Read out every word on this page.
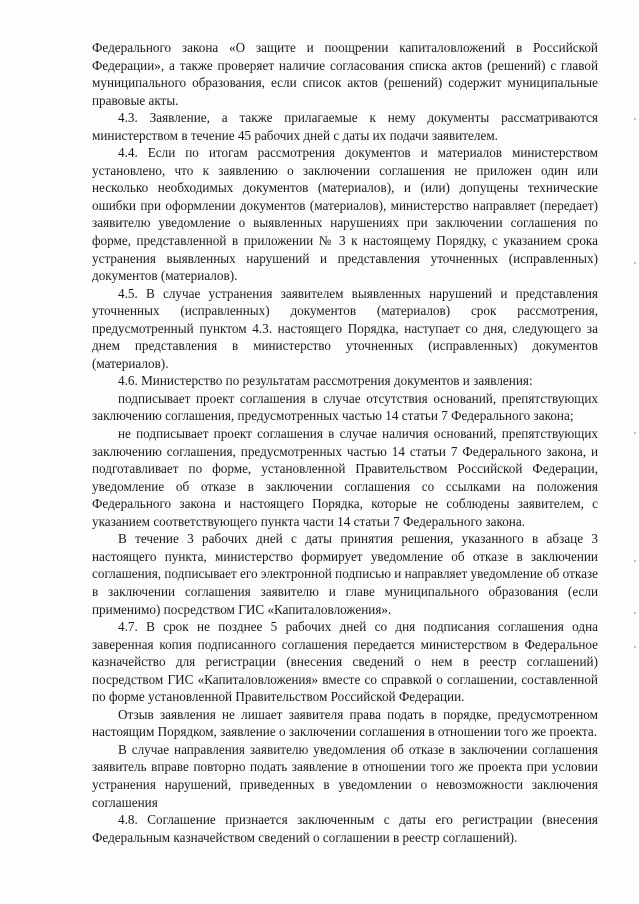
Федерального закона «О защите и поощрении капиталовложений в Российской Федерации», а также проверяет наличие согласования списка актов (решений) с главой муниципального образования, если список актов (решений) содержит муниципальные правовые акты.

4.3. Заявление, а также прилагаемые к нему документы рассматриваются министерством в течение 45 рабочих дней с даты их подачи заявителем.

4.4. Если по итогам рассмотрения документов и материалов министерством установлено, что к заявлению о заключении соглашения не приложен один или несколько необходимых документов (материалов), и (или) допущены технические ошибки при оформлении документов (материалов), министерство направляет (передает) заявителю уведомление о выявленных нарушениях при заключении соглашения по форме, представленной в приложении № 3 к настоящему Порядку, с указанием срока устранения выявленных нарушений и представления уточненных (исправленных) документов (материалов).

4.5. В случае устранения заявителем выявленных нарушений и представления уточненных (исправленных) документов (материалов) срок рассмотрения, предусмотренный пунктом 4.3. настоящего Порядка, наступает со дня, следующего за днем представления в министерство уточненных (исправленных) документов (материалов).

4.6. Министерство по результатам рассмотрения документов и заявления:

подписывает проект соглашения в случае отсутствия оснований, препятствующих заключению соглашения, предусмотренных частью 14 статьи 7 Федерального закона;

не подписывает проект соглашения в случае наличия оснований, препятствующих заключению соглашения, предусмотренных частью 14 статьи 7 Федерального закона, и подготавливает по форме, установленной Правительством Российской Федерации, уведомление об отказе в заключении соглашения со ссылками на положения Федерального закона и настоящего Порядка, которые не соблюдены заявителем, с указанием соответствующего пункта части 14 статьи 7 Федерального закона.

В течение 3 рабочих дней с даты принятия решения, указанного в абзаце 3 настоящего пункта, министерство формирует уведомление об отказе в заключении соглашения, подписывает его электронной подписью и направляет уведомление об отказе в заключении соглашения заявителю и главе муниципального образования (если применимо) посредством ГИС «Капиталовложения».

4.7. В срок не позднее 5 рабочих дней со дня подписания соглашения одна заверенная копия подписанного соглашения передается министерством в Федеральное казначейство для регистрации (внесения сведений о нем в реестр соглашений) посредством ГИС «Капиталовложения» вместе со справкой о соглашении, составленной по форме установленной Правительством Российской Федерации.

Отзыв заявления не лишает заявителя права подать в порядке, предусмотренном настоящим Порядком, заявление о заключении соглашения в отношении того же проекта.

В случае направления заявителю уведомления об отказе в заключении соглашения заявитель вправе повторно подать заявление в отношении того же проекта при условии устранения нарушений, приведенных в уведомлении о невозможности заключения соглашения

4.8. Соглашение признается заключенным с даты его регистрации (внесения Федеральным казначейством сведений о соглашении в реестр соглашений).
